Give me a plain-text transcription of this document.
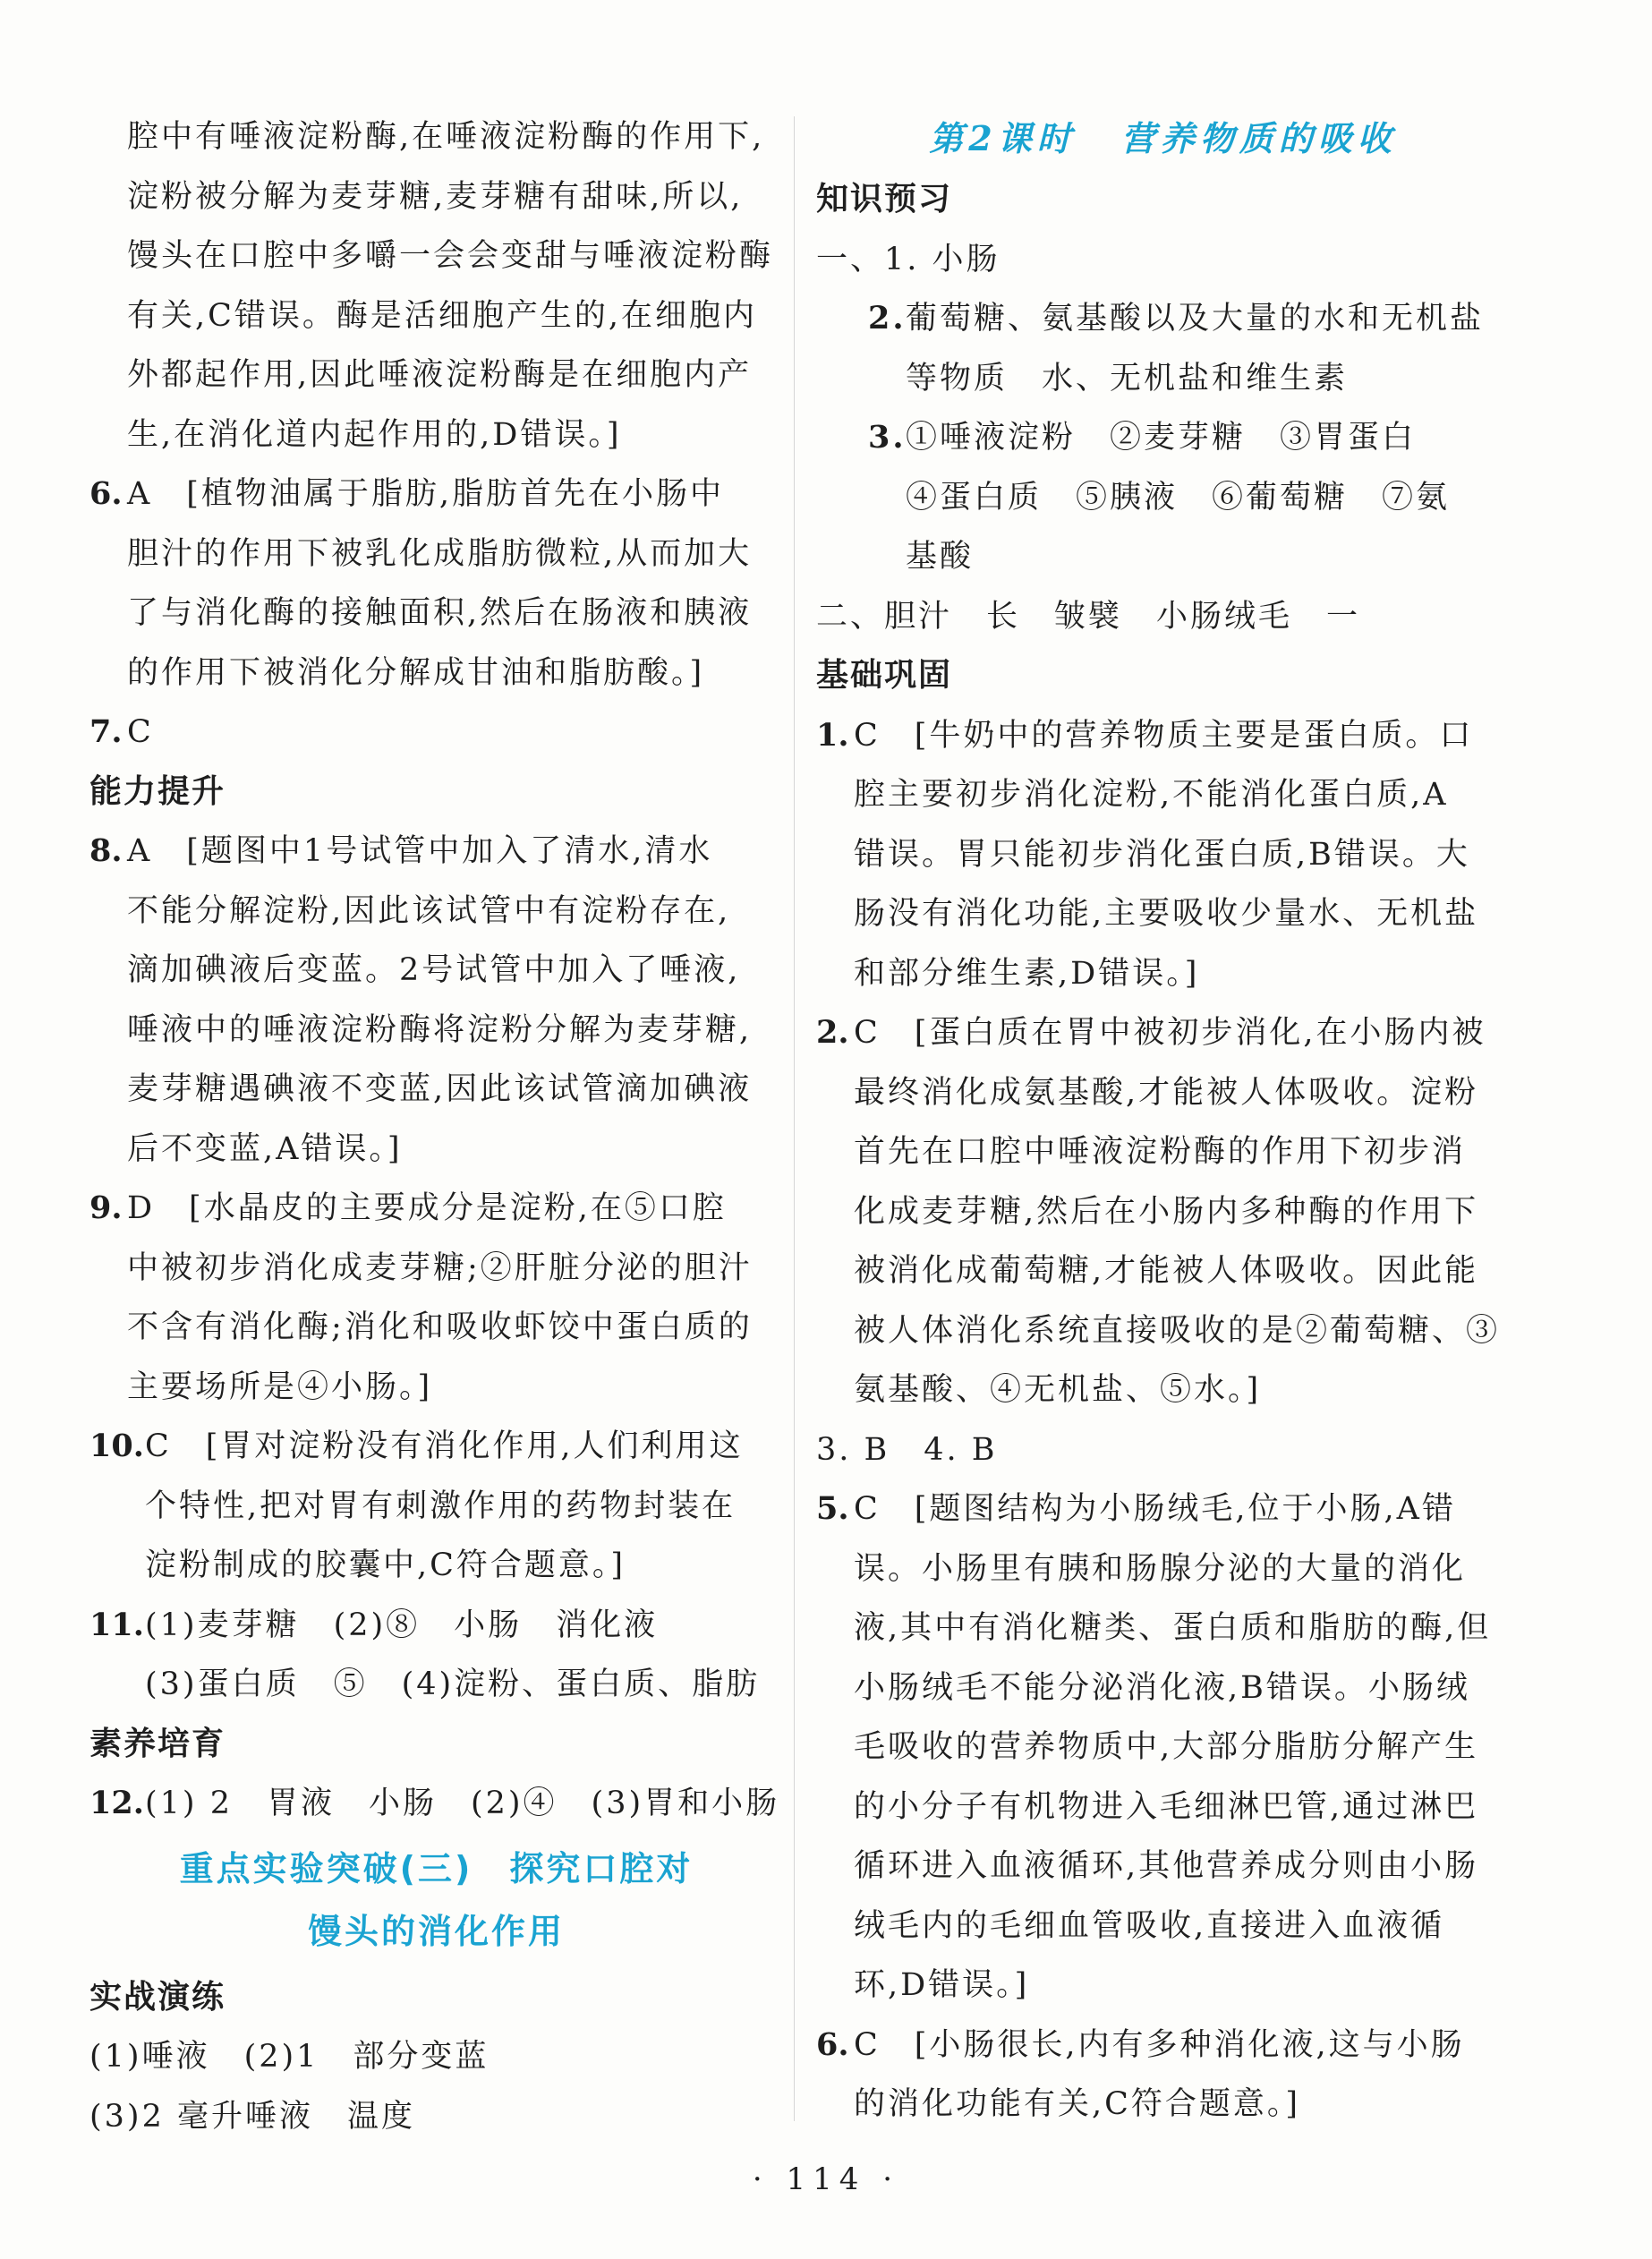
腔中有唾液淀粉酶,在唾液淀粉酶的作用下,

淀粉被分解为麦芽糖,麦芽糖有甜味,所以,

馒头在口腔中多嚼一会会变甜与唾液淀粉酶

有关,C错误。酶是活细胞产生的,在细胞内

外都起作用,因此唾液淀粉酶是在细胞内产

生,在消化道内起作用的,D错误。]

6. A　[植物油属于脂肪,脂肪首先在小肠中

胆汁的作用下被乳化成脂肪微粒,从而加大

了与消化酶的接触面积,然后在肠液和胰液

的作用下被消化分解成甘油和脂肪酸。]

7. C

能力提升

8. A　[题图中1号试管中加入了清水,清水

不能分解淀粉,因此该试管中有淀粉存在,

滴加碘液后变蓝。2号试管中加入了唾液,

唾液中的唾液淀粉酶将淀粉分解为麦芽糖,

麦芽糖遇碘液不变蓝,因此该试管滴加碘液

后不变蓝,A错误。]

9. D　[水晶皮的主要成分是淀粉,在⑤口腔

中被初步消化成麦芽糖;②肝脏分泌的胆汁

不含有消化酶;消化和吸收虾饺中蛋白质的

主要场所是④小肠。]

10. C　[胃对淀粉没有消化作用,人们利用这

个特性,把对胃有刺激作用的药物封装在

淀粉制成的胶囊中,C符合题意。]

11. (1)麦芽糖　(2)⑧　小肠　消化液

(3)蛋白质　⑤　(4)淀粉、蛋白质、脂肪

素养培育

12. (1) 2　胃液　小肠　(2)④　(3)胃和小肠

重点实验突破(三)　探究口腔对

馒头的消化作用

实战演练

(1)唾液　(2)1　部分变蓝

(3)2 毫升唾液　温度

第2课时 营养物质的吸收

知识预习

一、1. 小肠

2. 葡萄糖、氨基酸以及大量的水和无机盐

等物质　水、无机盐和维生素

3. ①唾液淀粉　②麦芽糖　③胃蛋白

④蛋白质　⑤胰液　⑥葡萄糖　⑦氨

基酸

二、胆汁　长　皱襞　小肠绒毛　一

基础巩固

1. C　[牛奶中的营养物质主要是蛋白质。口

腔主要初步消化淀粉,不能消化蛋白质,A

错误。胃只能初步消化蛋白质,B错误。大

肠没有消化功能,主要吸收少量水、无机盐

和部分维生素,D错误。]

2. C　[蛋白质在胃中被初步消化,在小肠内被

最终消化成氨基酸,才能被人体吸收。淀粉

首先在口腔中唾液淀粉酶的作用下初步消

化成麦芽糖,然后在小肠内多种酶的作用下

被消化成葡萄糖,才能被人体吸收。因此能

被人体消化系统直接吸收的是②葡萄糖、③

氨基酸、④无机盐、⑤水。]

3. B　4. B

5. C　[题图结构为小肠绒毛,位于小肠,A错

误。小肠里有胰和肠腺分泌的大量的消化

液,其中有消化糖类、蛋白质和脂肪的酶,但

小肠绒毛不能分泌消化液,B错误。小肠绒

毛吸收的营养物质中,大部分脂肪分解产生

的小分子有机物进入毛细淋巴管,通过淋巴

循环进入血液循环,其他营养成分则由小肠

绒毛内的毛细血管吸收,直接进入血液循

环,D错误。]

6. C　[小肠很长,内有多种消化液,这与小肠

的消化功能有关,C符合题意。]

· 114 ·
